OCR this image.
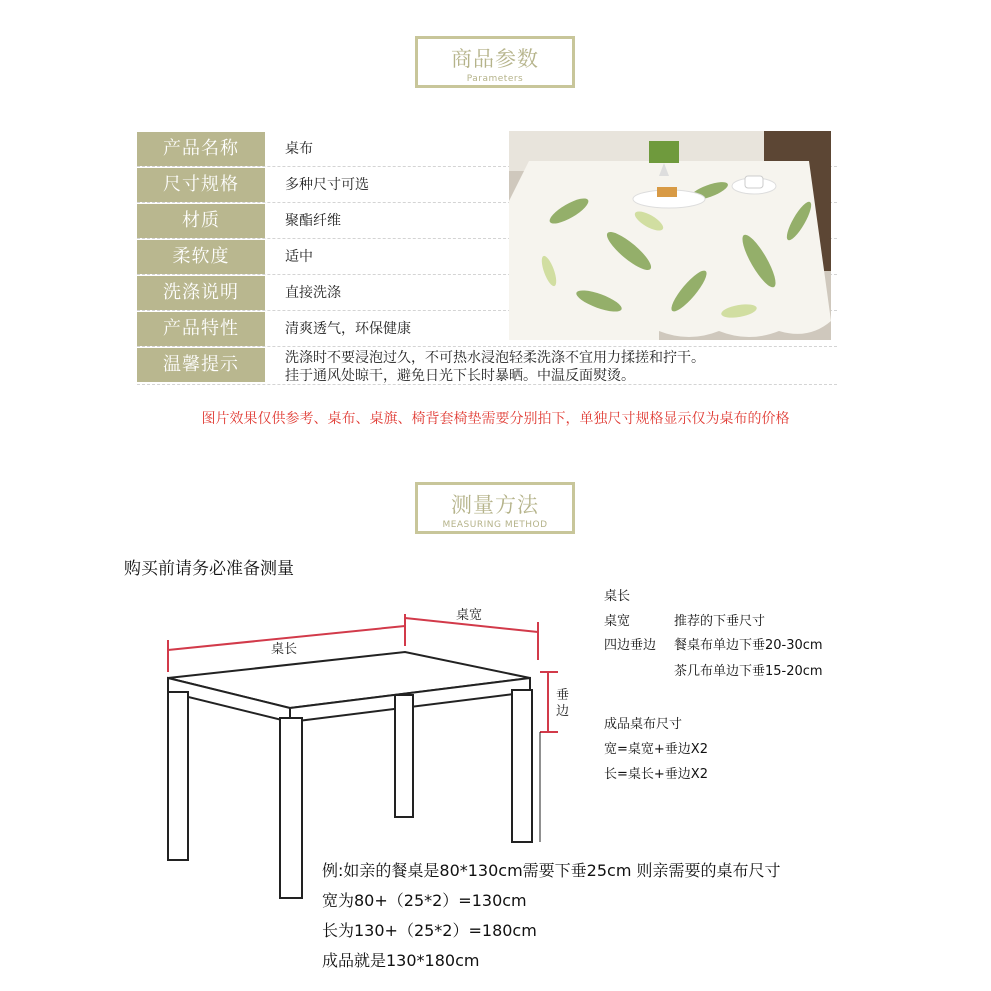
商品参数
Parameters
产品名称	桌布
尺寸规格	多种尺寸可选
材质	聚酯纤维
柔软度	适中
洗涤说明	直接洗涤
产品特性	清爽透气，环保健康
温馨提示	洗涤时不要浸泡过久，不可热水浸泡轻柔洗涤不宜用力揉搓和拧干。
挂于通风处晾干，避免日光下长时暴晒。中温反面熨烫。
图片效果仅供参考、桌布、桌旗、椅背套椅垫需要分别拍下，单独尺寸规格显示仅为桌布的价格
测量方法
MEASURING METHOD
购买前请务必准备测量
桌长
桌宽
垂
边
桌长
桌宽	推荐的下垂尺寸
四边垂边 餐桌布单边下垂20-30cm
茶几布单边下垂15-20cm
成品桌布尺寸
宽=桌宽+垂边X2
长=桌长+垂边X2
例:如亲的餐桌是80*130cm需要下垂25cm 则亲需要的桌布尺寸
宽为80+（25*2）=130cm
长为130+（25*2）=180cm
成品就是130*180cm
